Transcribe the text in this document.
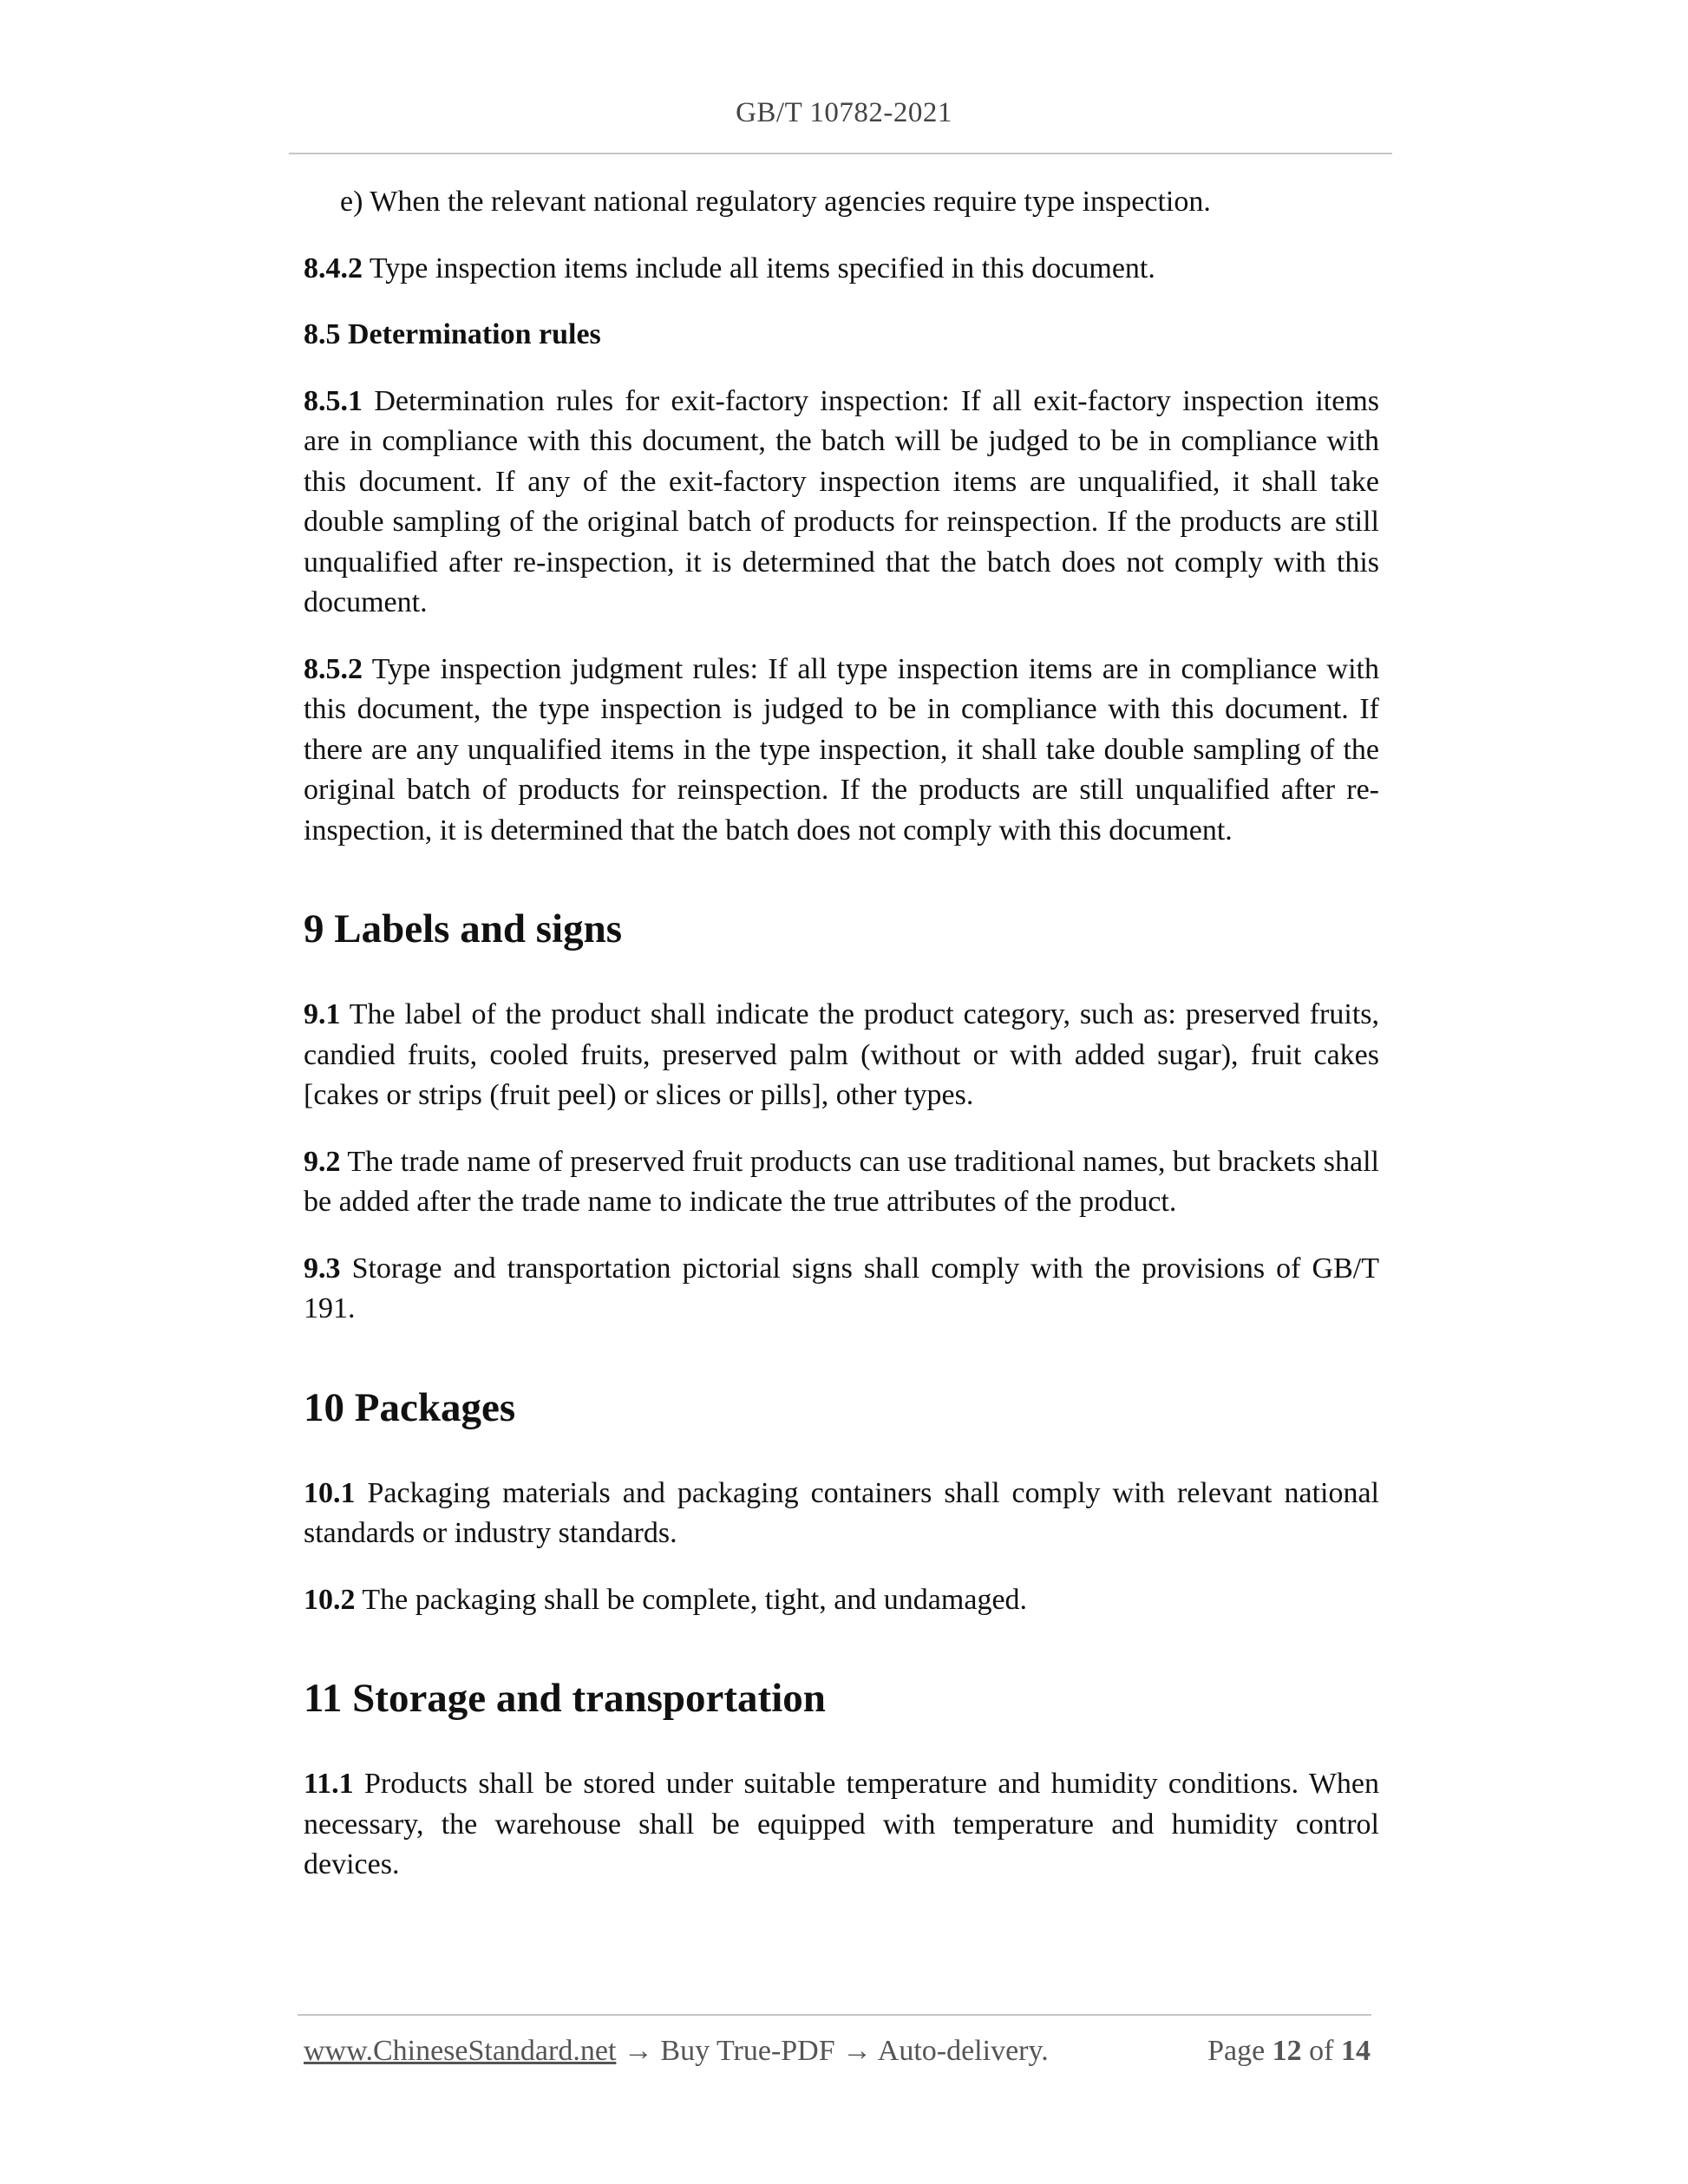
GB/T 10782-2021

e) When the relevant national regulatory agencies require type inspection.

8.4.2 Type inspection items include all items specified in this document.

8.5 Determination rules

8.5.1 Determination rules for exit-factory inspection: If all exit-factory inspection items are in compliance with this document, the batch will be judged to be in compliance with this document. If any of the exit-factory inspection items are unqualified, it shall take double sampling of the original batch of products for reinspection. If the products are still unqualified after re-inspection, it is determined that the batch does not comply with this document.

8.5.2 Type inspection judgment rules: If all type inspection items are in compliance with this document, the type inspection is judged to be in compliance with this document. If there are any unqualified items in the type inspection, it shall take double sampling of the original batch of products for reinspection. If the products are still unqualified after re-inspection, it is determined that the batch does not comply with this document.

9 Labels and signs

9.1 The label of the product shall indicate the product category, such as: preserved fruits, candied fruits, cooled fruits, preserved palm (without or with added sugar), fruit cakes [cakes or strips (fruit peel) or slices or pills], other types.

9.2 The trade name of preserved fruit products can use traditional names, but brackets shall be added after the trade name to indicate the true attributes of the product.

9.3 Storage and transportation pictorial signs shall comply with the provisions of GB/T 191.

10 Packages

10.1 Packaging materials and packaging containers shall comply with relevant national standards or industry standards.

10.2 The packaging shall be complete, tight, and undamaged.

11 Storage and transportation

11.1 Products shall be stored under suitable temperature and humidity conditions. When necessary, the warehouse shall be equipped with temperature and humidity control devices.

www.ChineseStandard.net → Buy True-PDF → Auto-delivery.	Page 12 of 14
